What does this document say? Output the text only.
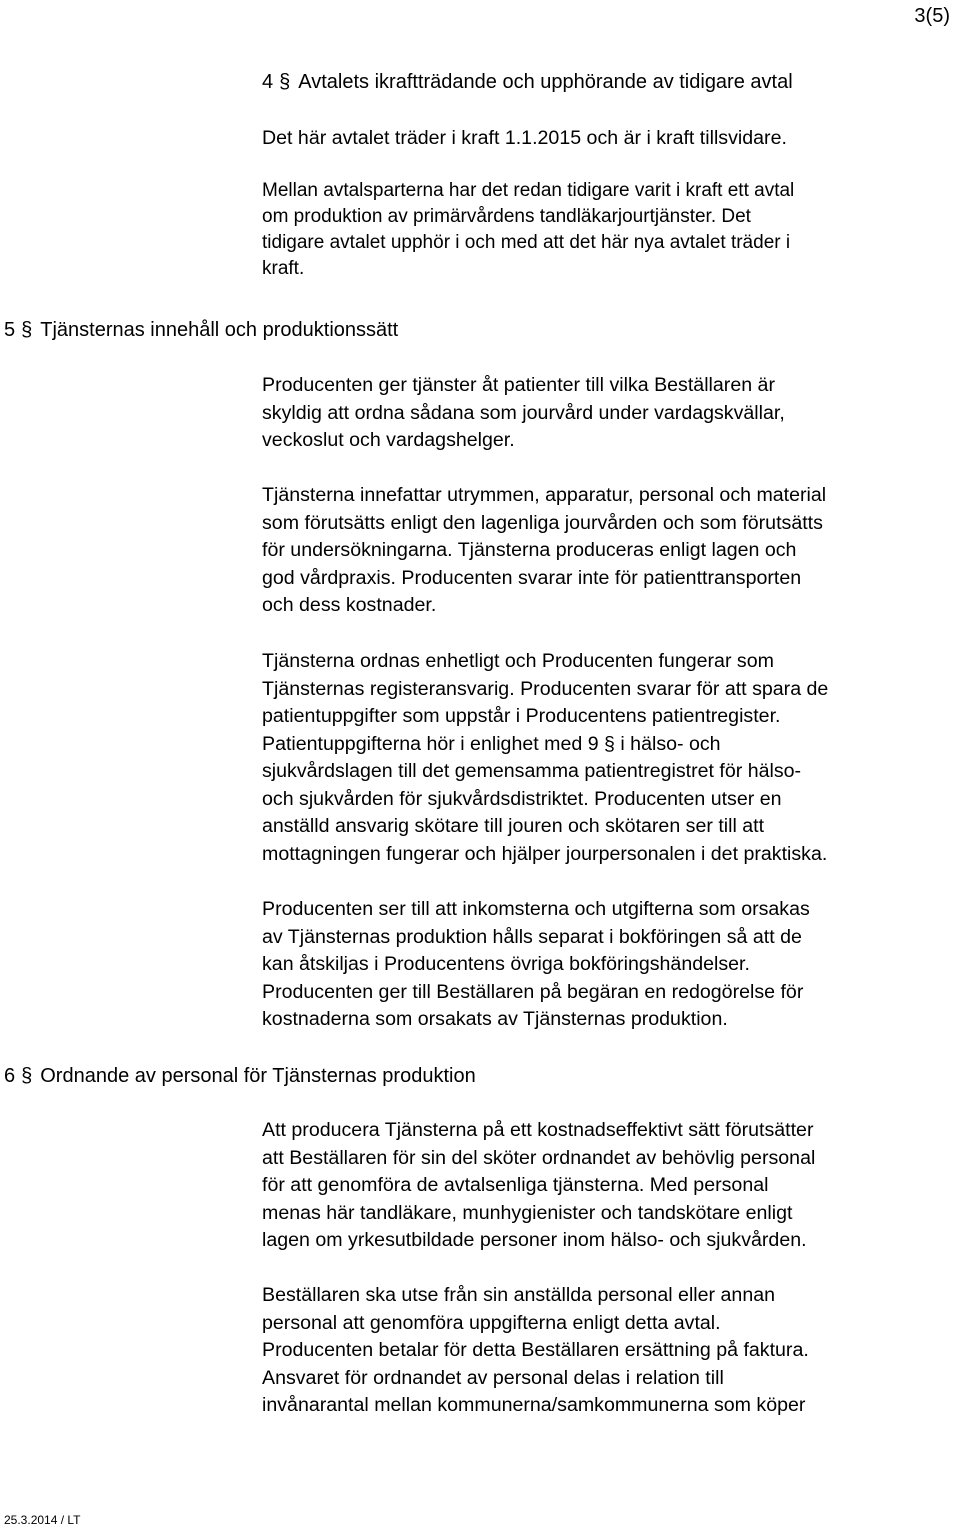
3(5)
4 § Avtalets ikraftträdande och upphörande av tidigare avtal

Det här avtalet träder i kraft 1.1.2015 och är i kraft tillsvidare.

Mellan avtalsparterna har det redan tidigare varit i kraft ett avtal
om produktion av primärvårdens tandläkarjourtjänster. Det
tidigare avtalet upphör i och med att det här nya avtalet träder i
kraft.

5 § Tjänsternas innehåll och produktionssätt

Producenten ger tjänster åt patienter till vilka Beställaren är
skyldig att ordna sådana som jourvård under vardagskvällar,
veckoslut och vardagshelger.

Tjänsterna innefattar utrymmen, apparatur, personal och material
som förutsätts enligt den lagenliga jourvården och som förutsätts
för undersökningarna. Tjänsterna produceras enligt lagen och
god vårdpraxis. Producenten svarar inte för patienttransporten
och dess kostnader.

Tjänsterna ordnas enhetligt och Producenten fungerar som
Tjänsternas registeransvarig. Producenten svarar för att spara de
patientuppgifter som uppstår i Producentens patientregister.
Patientuppgifterna hör i enlighet med 9 § i hälso- och
sjukvårdslagen till det gemensamma patientregistret för hälso-
och sjukvården för sjukvårdsdistriktet. Producenten utser en
anställd ansvarig skötare till jouren och skötaren ser till att
mottagningen fungerar och hjälper jourpersonalen i det praktiska.

Producenten ser till att inkomsterna och utgifterna som orsakas
av Tjänsternas produktion hålls separat i bokföringen så att de
kan åtskiljas i Producentens övriga bokföringshändelser.
Producenten ger till Beställaren på begäran en redogörelse för
kostnaderna som orsakats av Tjänsternas produktion.

6 § Ordnande av personal för Tjänsternas produktion

Att producera Tjänsterna på ett kostnadseffektivt sätt förutsätter
att Beställaren för sin del sköter ordnandet av behövlig personal
för att genomföra de avtalsenliga tjänsterna. Med personal
menas här tandläkare, munhygienister och tandskötare enligt
lagen om yrkesutbildade personer inom hälso- och sjukvården.

Beställaren ska utse från sin anställda personal eller annan
personal att genomföra uppgifterna enligt detta avtal.
Producenten betalar för detta Beställaren ersättning på faktura.
Ansvaret för ordnandet av personal delas i relation till
invånarantal mellan kommunerna/samkommunerna som köper

25.3.2014 / LT
